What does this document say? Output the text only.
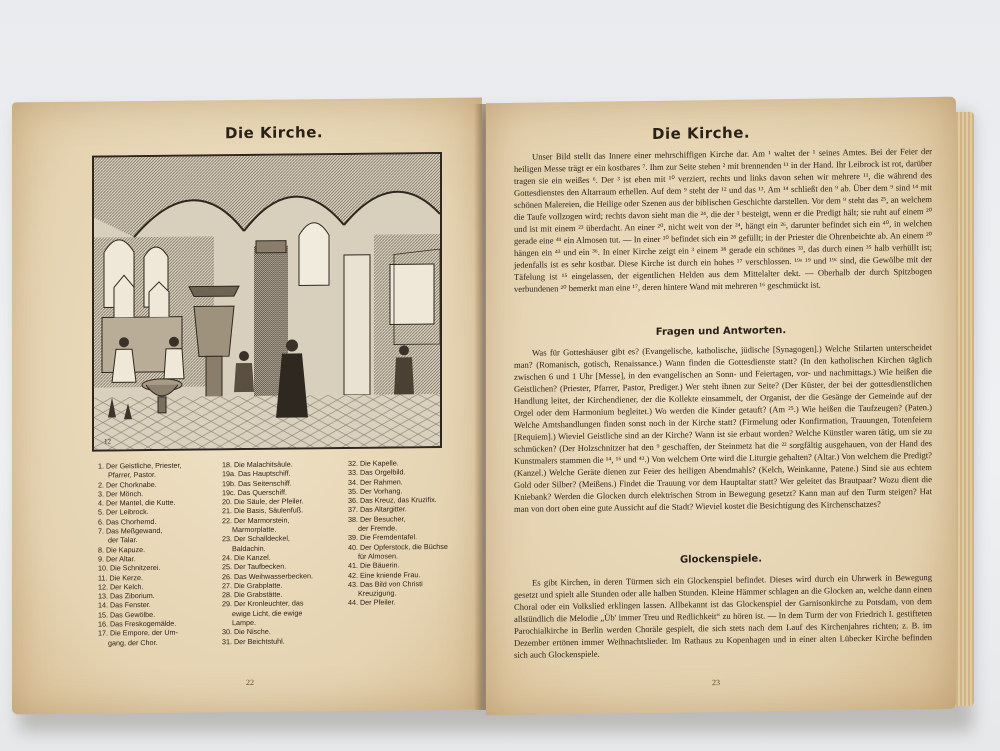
Die Kirche.
12
1. Der Geistliche, Priester,
Pfarrer, Pastor.
2. Der Chorknabe.
3. Der Mönch.
4. Der Mantel, die Kutte.
5. Der Leibrock.
6. Das Chorhemd.
7. Das Meßgewand,
der Talar.
8. Die Kapuze.
9. Der Altar.
10. Die Schnitzerei.
11. Die Kerze.
12. Der Kelch.
13. Das Ziborium.
14. Das Fenster.
15. Das Gewölbe.
16. Das Freskogemälde.
17. Die Empore, der Um-
gang, der Chor.
18. Die Malachitsäule.
19a. Das Hauptschiff.
19b. Das Seitenschiff.
19c. Das Querschiff.
20. Die Säule, der Pfeiler.
21. Die Basis, Säulenfuß.
22. Der Marmorstein,
Marmorplatte.
23. Der Schalldeckel,
Baldachin.
24. Die Kanzel.
25. Der Taufbecken.
26. Das Weihwasserbecken.
27. Die Grabplatte.
28. Die Grabstätte.
29. Der Kronleuchter, das
ewige Licht, die ewige
Lampe.
30. Die Nische.
31. Der Beichtstuhl.
32. Die Kapelle.
33. Das Orgelbild.
34. Der Rahmen.
35. Der Vorhang.
36. Das Kreuz, das Kruzifix.
37. Das Altargitter.
38. Der Besucher,
der Fremde.
39. Die Fremdentafel.
40. Der Opferstock, die Büchse
für Almosen.
41. Die Bäuerin.
42. Eine kniende Frau.
43. Das Bild von Christi
Kreuzigung.
44. Der Pfeiler.
22
Die Kirche.
Unser Bild stellt das Innere einer mehrschiffigen Kirche dar. Am ¹ waltet der ¹ seines Amtes. Bei der Feier der heiligen Messe trägt er ein kostbares ⁷. Ihm zur Seite stehen ² mit brennenden ¹¹ in der Hand. Ihr Leibrock ist rot, darüber tragen sie ein weißes ⁶. Der ³ ist eben mit ¹⁰ verziert, rechts und links davon sehen wir mehrere ¹¹, die während des Gottesdienstes den Altarraum erhellen. Auf dem ⁹ steht der ¹² und das ¹³. Am ¹⁴ schließt den ⁹ ab. Über dem ⁹ sind ¹⁴ mit schönen Malereien, die Heilige oder Szenen aus der biblischen Geschichte darstellen. Vor dem ⁹ steht das ²⁵, an welchem die Taufe vollzogen wird; rechts davon sieht man die ²⁴, die der ¹ besteigt, wenn er die Predigt hält; sie ruht auf einem ²⁰ und ist mit einem ²³ überdacht. An einer ²⁰, nicht weit von der ²⁴, hängt ein ²⁶, darunter befindet sich ein ⁴⁰, in welchen gerade eine ⁴¹ ein Almosen tut. — In einer ³⁰ befindet sich ein ²⁸ gefüllt; in der Priester die Ohrenbeichte ab. An einem ²⁰ hängen ein ⁴³ und ein ³⁶. In einer Kirche zeigt ein ³ einem ³⁸ gerade ein schönes ³³, das durch einen ³⁵ halb verhüllt ist; jedenfalls ist es sehr kostbar. Diese Kirche ist durch ein hohes ¹⁷ verschlossen. ¹⁹ᵃ ¹⁹ und ¹⁹ᶜ sind, die Gewölbe mit der Täfelung ist ¹⁵ eingelassen, der eigentlichen Helden aus dem Mittelalter dekt. — Oberhalb der durch Spitzbogen verbundenen ²⁰ bemerkt man eine ¹⁷, deren hintere Wand mit mehreren ¹⁶ geschmückt ist.
Fragen und Antworten.
Was für Gotteshäuser gibt es? (Evangelische, katholische, jüdische [Synagogen].) Welche Stilarten unterscheidet man? (Romanisch, gotisch, Renaissance.) Wann finden die Gottesdienste statt? (In den katholischen Kirchen täglich zwischen 6 und 1 Uhr [Messe], in den evangelischen an Sonn- und Feiertagen, vor- und nachmittags.) Wie heißen die Geistlichen? (Priester, Pfarrer, Pastor, Prediger.) Wer steht ihnen zur Seite? (Der Küster, der bei der gottesdienstlichen Handlung leitet, der Kirchendiener, der die Kollekte einsammelt, der Organist, der die Gesänge der Gemeinde auf der Orgel oder dem Harmonium begleitet.) Wo werden die Kinder getauft? (Am ²⁵.) Wie heißen die Taufzeugen? (Paten.) Welche Amtshandlungen finden sonst noch in der Kirche statt? (Firmelung oder Konfirmation, Trauungen, Totenfeiern [Requiem].) Wieviel Geistliche sind an der Kirche? Wann ist sie erbaut worden? Welche Künstler waren tätig, um sie zu schmücken? (Der Holzschnitzer hat den ⁹ geschaffen, der Steinmetz hat die ²² sorgfältig ausgehauen, von der Hand des Kunstmalers stammen die ¹⁴, ¹⁶ und ⁴³.) Von welchem Orte wird die Liturgie gehalten? (Altar.) Von welchem die Predigt? (Kanzel.) Welche Geräte dienen zur Feier des heiligen Abendmahls? (Kelch, Weinkanne, Patene.) Sind sie aus echtem Gold oder Silber? (Meißens.) Findet die Trauung vor dem Hauptaltar statt? Wer geleitet das Brautpaar? Wozu dient die Kniebank? Werden die Glocken durch elektrischen Strom in Bewegung gesetzt? Kann man auf den Turm steigen? Hat man von dort oben eine gute Aussicht auf die Stadt? Wieviel kostet die Besichtigung des Kirchenschatzes?
Glockenspiele.
Es gibt Kirchen, in deren Türmen sich ein Glockenspiel befindet. Dieses wird durch ein Uhrwerk in Bewegung gesetzt und spielt alle Stunden oder alle halben Stunden. Kleine Hämmer schlagen an die Glocken an, welche dann einen Choral oder ein Volkslied erklingen lassen. Allbekannt ist das Glockenspiel der Garnisonkirche zu Potsdam, von dem allstündlich die Melodie „Üb' immer Treu und Redlichkeit“ zu hören ist. — In dem Turm der von Friedrich I. gestifteten Parochialkirche in Berlin werden Choräle gespielt, die sich stets nach dem Lauf des Kirchenjahres richten; z. B. im Dezember ertönen immer Weihnachtslieder. Im Rathaus zu Kopenhagen und in einer alten Lübecker Kirche befinden sich auch Glockenspiele.
23
